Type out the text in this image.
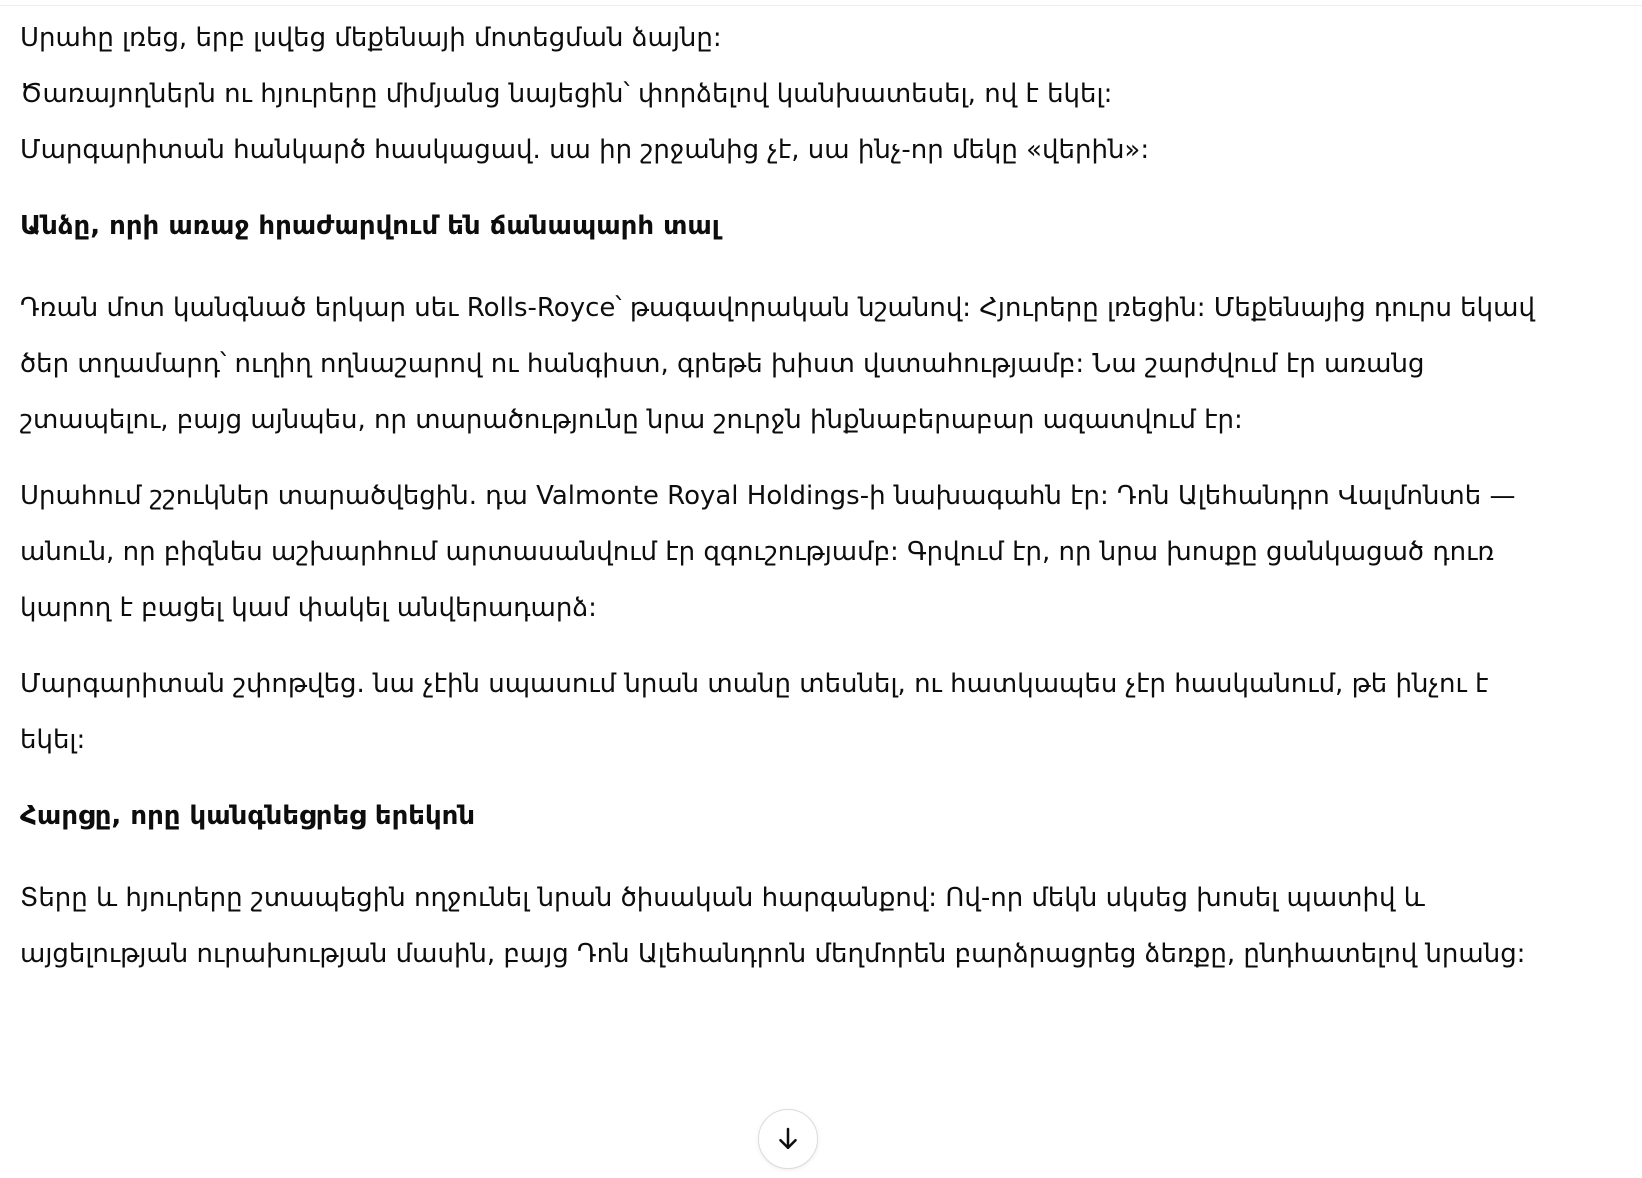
Սրահը լռեց, երբ լսվեց մեքենայի մոտեցման ձայնը:
Ծառայողներն ու հյուրերը միմյանց նայեցին՝ փորձելով կանխատեսել, ով է եկել:
Մարգարիտան հանկարծ հասկացավ. սա իր շրջանից չէ, սա ինչ-որ մեկը «վերին»:
Անձը, որի առաջ հրաժարվում են ճանապարհ տալ

Դռան մոտ կանգնած երկար սեւ Rolls-Royce՝ թագավորական նշանով: Հյուրերը լռեցին: Մեքենայից դուրս եկավ ծեր տղամարդ՝ ուղիղ ողնաշարով ու հանգիստ, գրեթե խիստ վստահությամբ: Նա շարժվում էր առանց շտապելու, բայց այնպես, որ տարածությունը նրա շուրջն ինքնաբերաբար ազատվում էր:

Սրահում շշուկներ տարածվեցին. դա Valmonte Royal Holdings-ի նախագահն էր: Դոն Ալեհանդրո Վալմոնտե — անուն, որ բիզնես աշխարհում արտասանվում էր զգուշությամբ: Գրվում էր, որ նրա խոսքը ցանկացած դուռ կարող է բացել կամ փակել անվերադարձ:

Մարգարիտան շփոթվեց. նա չէին սպասում նրան տանը տեսնել, ու հատկապես չէր հասկանում, թե ինչու է եկել:

Հարցը, որը կանգնեցրեց երեկոն

Տերը և հյուրերը շտապեցին ողջունել նրան ծիսական հարգանքով: Ով-որ մեկն սկսեց խոսել պատիվ և այցելության ուրախության մասին, բայց Դոն Ալեհանդրոն մեղմորեն բարձրացրեց ձեռքը, ընդհատելով նրանց:
